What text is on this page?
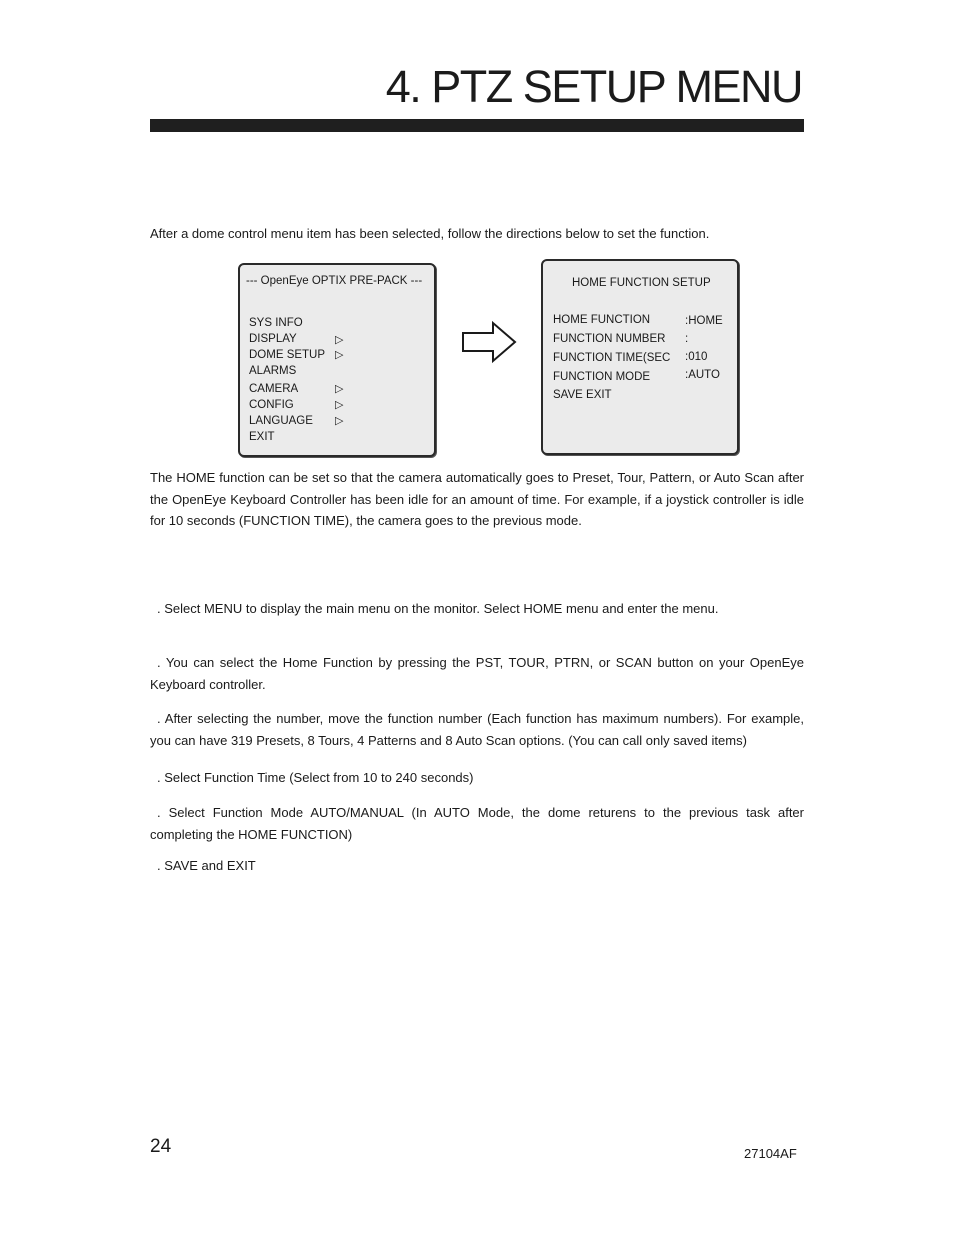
4. PTZ SETUP MENU
After a dome control menu item has been selected, follow the directions below to set the function.
--- OpenEye OPTIX PRE-PACK ---
SYS INFO
DISPLAY	▷
DOME SETUP ▷
ALARMS
CAMERA	▷
CONFIG	▷
LANGUAGE ▷
EXIT
HOME FUNCTION SETUP
HOME FUNCTION	:HOME
FUNCTION NUMBER :
FUNCTION TIME(SEC :010
FUNCTION MODE	:AUTO
SAVE EXIT
The HOME function can be set so that the camera automatically goes to Preset, Tour, Pattern, or Auto Scan after the OpenEye Keyboard Controller has been idle for an amount of time. For example, if a joystick controller is idle for 10 seconds (FUNCTION TIME), the camera goes to the previous mode.
. Select MENU to display the main menu on the monitor. Select HOME menu and enter the menu.
. You can select the Home Function by pressing the PST, TOUR, PTRN, or SCAN button on your OpenEye Keyboard controller.
. After selecting the number, move the function number (Each function has maximum numbers). For example, you can have 319 Presets, 8 Tours, 4 Patterns and 8 Auto Scan options. (You can call only saved items)
. Select Function Time (Select from 10 to 240 seconds)
. Select Function Mode AUTO/MANUAL (In AUTO Mode, the dome returens to the previous task after completing the HOME FUNCTION)
. SAVE and EXIT
24	27104AF
